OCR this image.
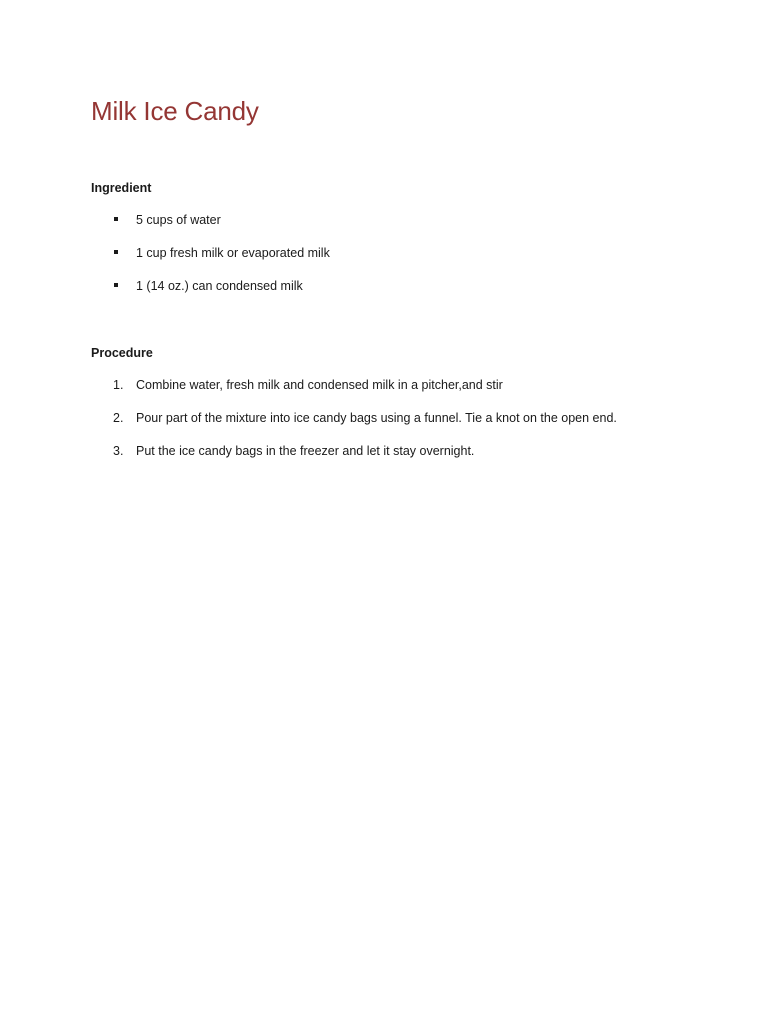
Milk Ice Candy
Ingredient
5 cups of water
1 cup fresh milk or evaporated milk
1 (14 oz.) can condensed milk
Procedure
1. Combine water, fresh milk and condensed milk in a pitcher,and stir
2. Pour part of the mixture into ice candy bags using a funnel. Tie a knot on the open end.
3. Put the ice candy bags in the freezer and let it stay overnight.
